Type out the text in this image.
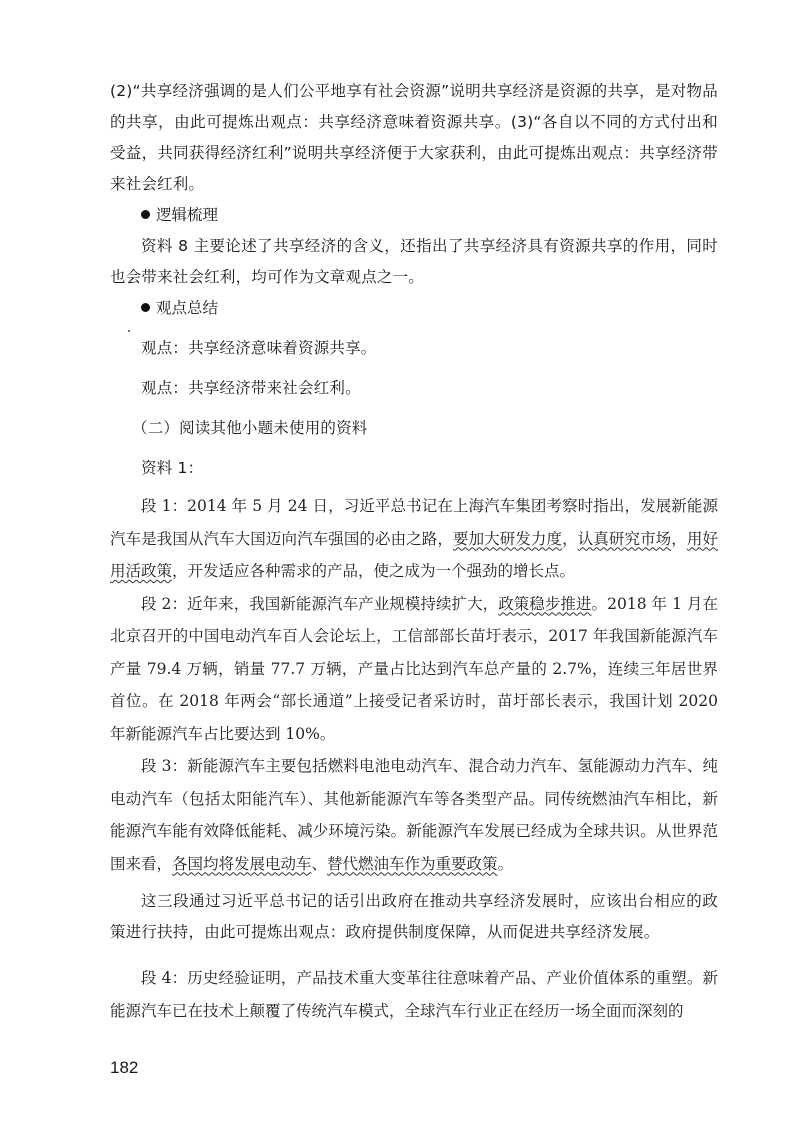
(2)“共享经济强调的是人们公平地享有社会资源”说明共享经济是资源的共享，是对物品的共享，由此可提炼出观点：共享经济意味着资源共享。(3)“各自以不同的方式付出和受益，共同获得经济红利”说明共享经济便于大家获利，由此可提炼出观点：共享经济带来社会红利。

逻辑梳理

资料 8 主要论述了共享经济的含义，还指出了共享经济具有资源共享的作用，同时也会带来社会红利，均可作为文章观点之一。

观点总结

观点：共享经济意味着资源共享。

观点：共享经济带来社会红利。

（二）阅读其他小题未使用的资料

资料 1：

段 1：2014 年 5 月 24 日，习近平总书记在上海汽车集团考察时指出，发展新能源汽车是我国从汽车大国迈向汽车强国的必由之路，要加大研发力度，认真研究市场，用好用活政策，开发适应各种需求的产品，使之成为一个强劲的增长点。

段 2：近年来，我国新能源汽车产业规模持续扩大，政策稳步推进。2018 年 1 月在北京召开的中国电动汽车百人会论坛上，工信部部长苗圩表示，2017 年我国新能源汽车产量 79.4 万辆，销量 77.7 万辆，产量占比达到汽车总产量的 2.7%，连续三年居世界首位。在 2018 年两会“部长通道”上接受记者采访时，苗圩部长表示，我国计划 2020 年新能源汽车占比要达到 10%。

段 3：新能源汽车主要包括燃料电池电动汽车、混合动力汽车、氢能源动力汽车、纯电动汽车（包括太阳能汽车）、其他新能源汽车等各类型产品。同传统燃油汽车相比，新能源汽车能有效降低能耗、减少环境污染。新能源汽车发展已经成为全球共识。从世界范围来看，各国均将发展电动车、替代燃油车作为重要政策。

这三段通过习近平总书记的话引出政府在推动共享经济发展时，应该出台相应的政策进行扶持，由此可提炼出观点：政府提供制度保障，从而促进共享经济发展。

段 4：历史经验证明，产品技术重大变革往往意味着产品、产业价值体系的重塑。新能源汽车已在技术上颠覆了传统汽车模式，全球汽车行业正在经历一场全面而深刻的

182
